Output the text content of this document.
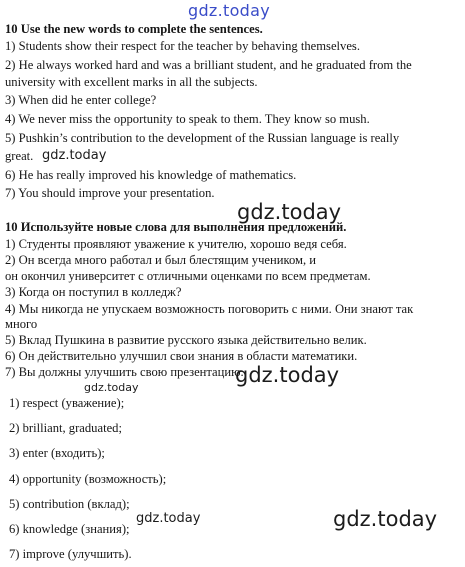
gdz.today
10 Use the new words to complete the sentences.
1) Students show their respect for the teacher by behaving themselves.
2) He always worked hard and was a brilliant student, and he graduated from the
university with excellent marks in all the subjects.
3) When did he enter college?
4) We never miss the opportunity to speak to them. They know so mush.
5) Pushkin’s contribution to the development of the Russian language is really
great. gdz.today
6) He has really improved his knowledge of mathematics.
7) You should improve your presentation.
gdz.today
10 Используйте новые слова для выполнения предложений.
1) Студенты проявляют уважение к учителю, хорошо ведя себя.
2) Он всегда много работал и был блестящим учеником, и
он окончил университет с отличными оценками по всем предметам.
3) Когда он поступил в колледж?
4) Мы никогда не упускаем возможность поговорить с ними. Они знают так
много
5) Вклад Пушкина в развитие русского языка действительно велик.
6) Он действительно улучшил свои знания в области математики.
7) Вы должны улучшить свою презентацию.
gdz.today
gdz.today
1) respect (уважение);
2) brilliant, graduated;
3) enter (входить);
4) opportunity (возможность);
5) contribution (вклад);
gdz.today
6) knowledge (знания);	gdz.today
7) improve (улучшить).
